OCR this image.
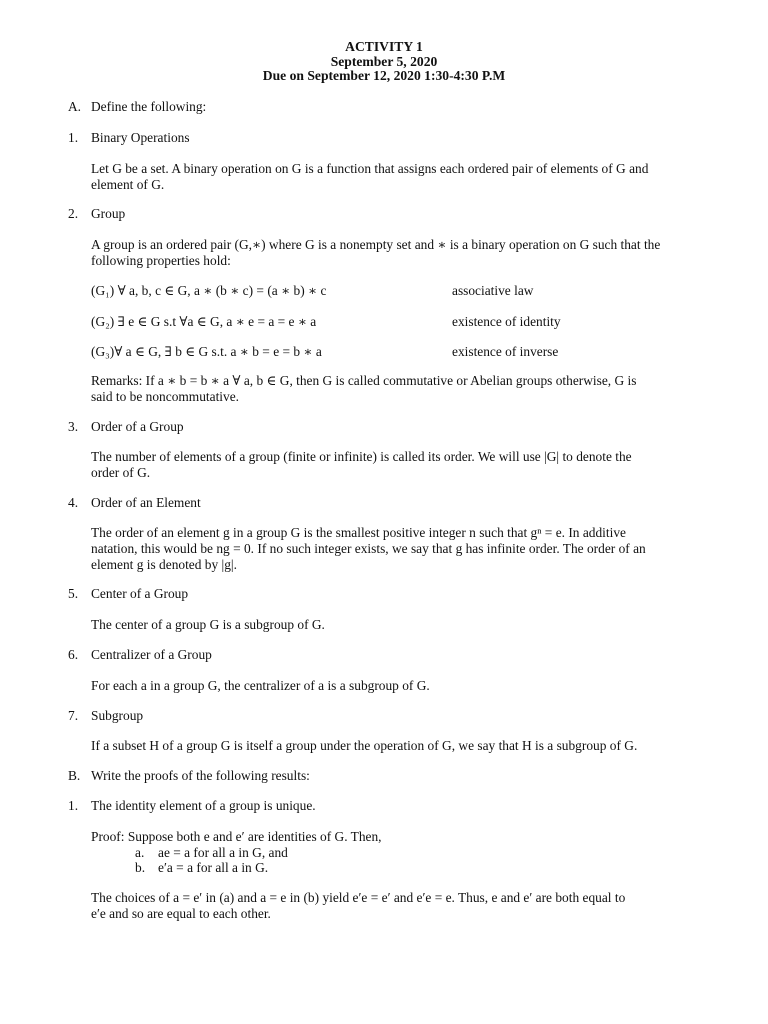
ACTIVITY 1
September 5, 2020
Due on September 12, 2020 1:30-4:30 P.M
A. Define the following:
1. Binary Operations
Let G be a set. A binary operation on G is a function that assigns each ordered pair of elements of G and
element of G.
2. Group
A group is an ordered pair (G,∗) where G is a nonempty set and ∗ is a binary operation on G such that the
following properties hold:
(G₁) ∀ a, b, c ∈ G, a ∗ (b ∗ c) = (a ∗ b) ∗ c	associative law
(G₂) ∃ e ∈ G s.t ∀a ∈ G, a ∗ e = a = e ∗ a	existence of identity
(G₃)∀ a ∈ G, ∃ b ∈ G s.t. a ∗ b = e = b ∗ a	existence of inverse
Remarks: If a ∗ b = b ∗ a ∀ a, b ∈ G, then G is called commutative or Abelian groups otherwise, G is
said to be noncommutative.
3. Order of a Group
The number of elements of a group (finite or infinite) is called its order. We will use |G| to denote the
order of G.
4. Order of an Element
The order of an element g in a group G is the smallest positive integer n such that gⁿ = e. In additive
natation, this would be ng = 0. If no such integer exists, we say that g has infinite order. The order of an
element g is denoted by |g|.
5. Center of a Group
The center of a group G is a subgroup of G.
6. Centralizer of a Group
For each a in a group G, the centralizer of a is a subgroup of G.
7. Subgroup
If a subset H of a group G is itself a group under the operation of G, we say that H is a subgroup of G.
B. Write the proofs of the following results:
1. The identity element of a group is unique.
Proof: Suppose both e and e′ are identities of G. Then,
a. ae = a for all a in G, and
b. e′a = a for all a in G.
The choices of a = e′ in (a) and a = e in (b) yield e′e = e′ and e′e = e. Thus, e and e′ are both equal to
e′e and so are equal to each other.
